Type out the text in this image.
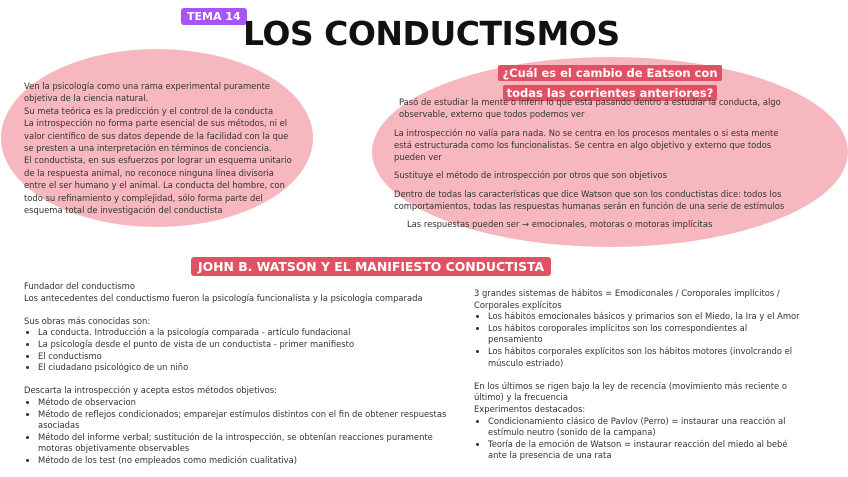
TEMA 14 LOS CONDUCTISMOS

Ven la psicología como una rama experimental puramente objetiva de la ciencia natural.

Su meta teórica es la predicción y el control de la conducta

La introspección no forma parte esencial de sus métodos, ni el valor científico de sus datos depende de la facilidad con la que se presten a una interpretación en términos de conciencia.

El conductista, en sus esfuerzos por lograr un esquema unitario de la respuesta animal, no reconoce ninguna línea divisoria entre el ser humano y el animal. La conducta del hombre, con todo su refinamiento y complejidad, sólo forma parte del esquema total de investigación del conductista

¿Cuál es el cambio de Eatson con todas las corrientes anteriores?

Pasó de estudiar la mente o inferir lo que está pasando dentro a estudiar la conducta, algo observable, externo que todos podemos ver

La introspección no valía para nada. No se centra en los procesos mentales o si esta mente está estructurada como los funcionalistas. Se centra en algo objetivo y externo que todos pueden ver

Sustituye el método de introspección por otros que son objetivos

Dentro de todas las características que dice Watson que son los conductistas dice: todos los comportamientos, todas las respuestas humanas serán en función de una serie de estímulos

Las respuestas pueden ser → emocionales, motoras o motoras implícitas

JOHN B. WATSON Y EL MANIFIESTO CONDUCTISTA

Fundador del conductismo

Los antecedentes del conductismo fueron la psicología funcionalista y la psicología comparada

Sus obras más conocidas son:

• La conducta. Introducción a la psicología comparada - artículo fundacional
• La psicología desde el punto de vista de un conductista - primer manifiesto
• El conductismo
• El ciudadano psicológico de un niño

Descarta la introspección y acepta estos métodos objetivos:

• Método de observacion
• Método de reflejos condicionados; emparejar estímulos distintos con el fin de obtener respuestas asociadas
• Método del informe verbal; sustitución de la introspección, se obtenían reacciones puramente motoras objetivamente observables
• Método de los test (no empleados como medición cualitativa)

3 grandes sistemas de hábitos = Emodiconales / Coroporales implícitos / Corporales explícitos

• Los hábitos emocionales básicos y primarios son el Miedo, la Ira y el Amor
• Los hábitos coroporales implícitos son los correspondientes al pensamiento
• Los hábitos corporales explícitos son los hábitos motores (involcrando el músculo estriado)

En los últimos se rigen bajo la ley de recencia (movimiento más reciente o último) y la frecuencia

Experimentos destacados:

• Condicionamiento clásico de Pavlov (Perro) = instaurar una reacción al estímulo neutro (sonido de la campana)
• Teoría de la emoción de Watson = instaurar reacción del miedo al bebé ante la presencia de una rata
